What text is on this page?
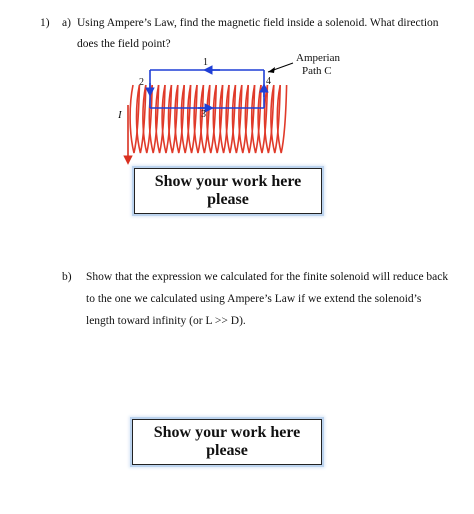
1) a) Using Ampere’s Law, find the magnetic field inside a solenoid. What direction
does the field point?
1
2
3
4
I
Amperian
Path C
Show your work here
please
b) Show that the expression we calculated for the finite solenoid will reduce back
to the one we calculated using Ampere’s Law if we extend the solenoid’s
length toward infinity (or L >> D).
Show your work here
please
